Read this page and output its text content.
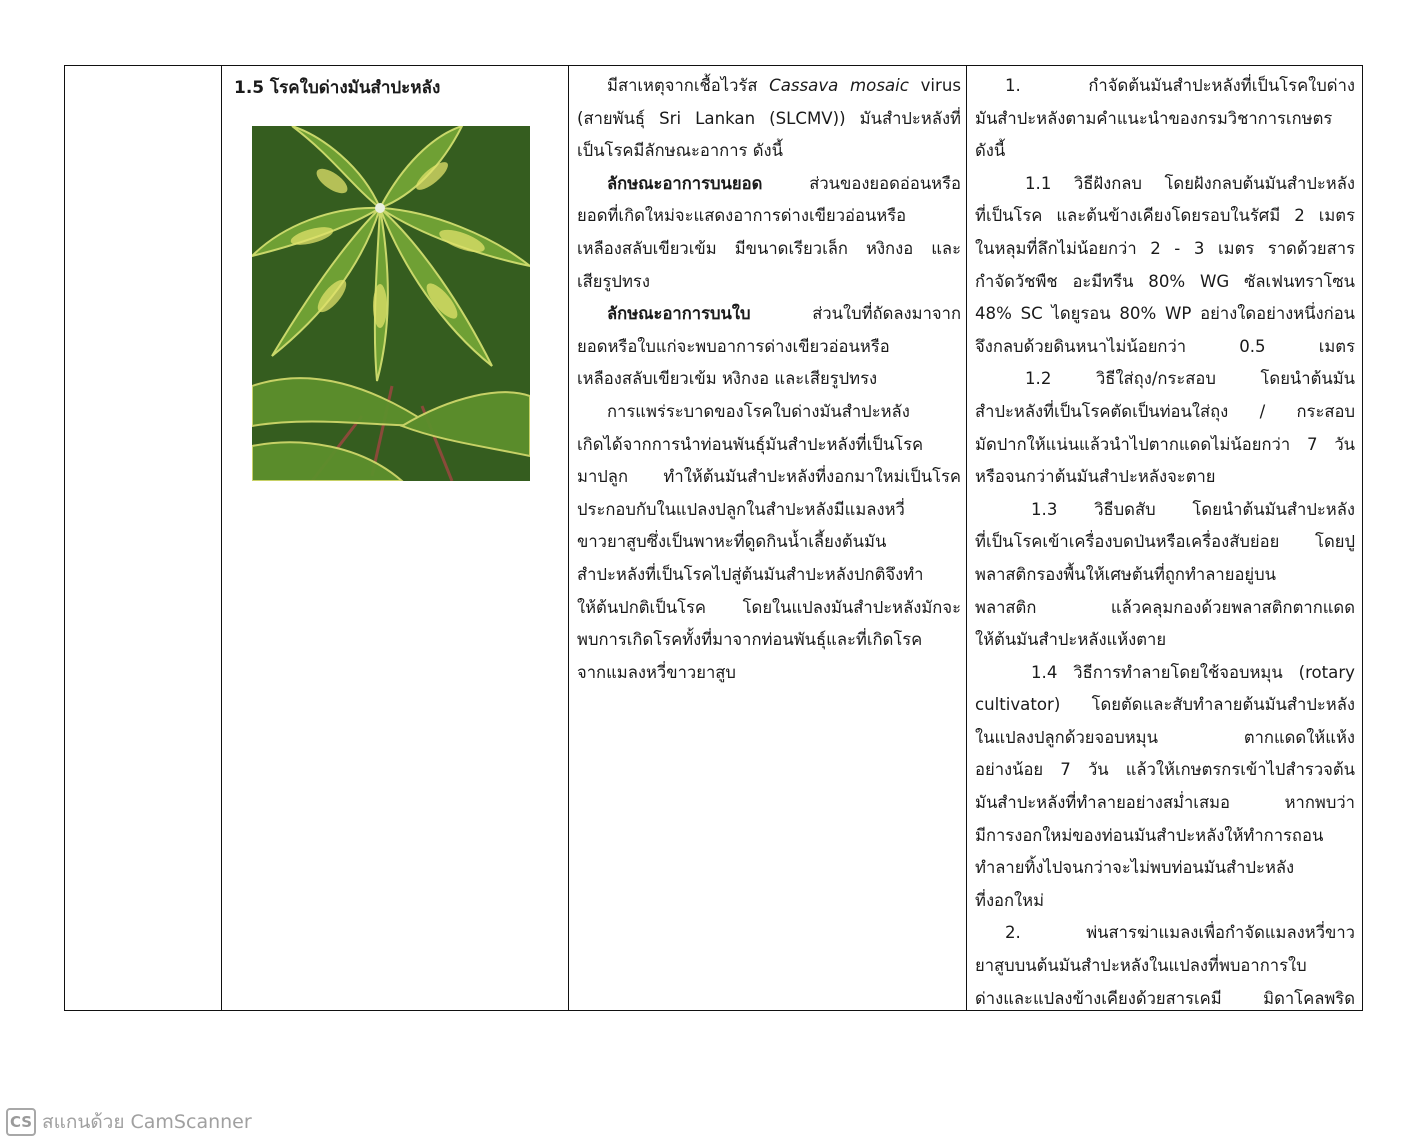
1.5 โรคใบด่างมันสำปะหลัง	มีสาเหตุจากเชื้อไวรัส Cassava mosaic virus
(สายพันธุ์ Sri Lankan (SLCMV)) มันสำปะหลังที่
เป็นโรคมีลักษณะอาการ ดังนี้
ลักษณะอาการบนยอด ส่วนของยอดอ่อนหรือ
ยอดที่เกิดใหม่จะแสดงอาการด่างเขียวอ่อนหรือ
เหลืองสลับเขียวเข้ม มีขนาดเรียวเล็ก หงิกงอ และ
เสียรูปทรง
ลักษณะอาการบนใบ ส่วนใบที่ถัดลงมาจาก
ยอดหรือใบแก่จะพบอาการด่างเขียวอ่อนหรือ
เหลืองสลับเขียวเข้ม หงิกงอ และเสียรูปทรง
การแพร่ระบาดของโรคใบด่างมันสำปะหลัง
เกิดได้จากการนำท่อนพันธุ์มันสำปะหลังที่เป็นโรค
มาปลูก ทำให้ต้นมันสำปะหลังที่งอกมาใหม่เป็นโรค
ประกอบกับในแปลงปลูกในสำปะหลังมีแมลงหวี่
ขาวยาสูบซึ่งเป็นพาหะที่ดูดกินน้ำเลี้ยงต้นมัน
สำปะหลังที่เป็นโรคไปสู่ต้นมันสำปะหลังปกติจึงทำ
ให้ต้นปกติเป็นโรค โดยในแปลงมันสำปะหลังมักจะ
พบการเกิดโรคทั้งที่มาจากท่อนพันธุ์และที่เกิดโรค
จากแมลงหวี่ขาวยาสูบ
1. กำจัดต้นมันสำปะหลังที่เป็นโรคใบด่าง
มันสำปะหลังตามคำแนะนำของกรมวิชาการเกษตร
ดังนี้
1.1 วิธีฝังกลบ โดยฝังกลบต้นมันสำปะหลัง
ที่เป็นโรค และต้นข้างเคียงโดยรอบในรัศมี 2 เมตร
ในหลุมที่ลึกไม่น้อยกว่า 2 - 3 เมตร ราดด้วยสาร
กำจัดวัชพืช อะมีทรีน 80% WG ซัลเฟนทราโซน
48% SC ไดยูรอน 80% WP อย่างใดอย่างหนึ่งก่อน
จึงกลบด้วยดินหนาไม่น้อยกว่า 0.5 เมตร
1.2 วิธีใส่ถุง/กระสอบ โดยนำต้นมัน
สำปะหลังที่เป็นโรคตัดเป็นท่อนใส่ถุง / กระสอบ
มัดปากให้แน่นแล้วนำไปตากแดดไม่น้อยกว่า 7 วัน
หรือจนกว่าต้นมันสำปะหลังจะตาย
1.3 วิธีบดสับ โดยนำต้นมันสำปะหลัง
ที่เป็นโรคเข้าเครื่องบดป่นหรือเครื่องสับย่อย โดยปู
พลาสติกรองพื้นให้เศษต้นที่ถูกทำลายอยู่บน
พลาสติก แล้วคลุมกองด้วยพลาสติกตากแดด
ให้ต้นมันสำปะหลังแห้งตาย
1.4 วิธีการทำลายโดยใช้จอบหมุน (rotary
cultivator) โดยตัดและสับทำลายต้นมันสำปะหลัง
ในแปลงปลูกด้วยจอบหมุน ตากแดดให้แห้ง
อย่างน้อย 7 วัน แล้วให้เกษตรกรเข้าไปสำรวจต้น
มันสำปะหลังที่ทำลายอย่างสม่ำเสมอ หากพบว่า
มีการงอกใหม่ของท่อนมันสำปะหลังให้ทำการถอน
ทำลายทิ้งไปจนกว่าจะไม่พบท่อนมันสำปะหลัง
ที่งอกใหม่
2. พ่นสารฆ่าแมลงเพื่อกำจัดแมลงหวี่ขาว
ยาสูบบนต้นมันสำปะหลังในแปลงที่พบอาการใบ
ด่างและแปลงข้างเคียงด้วยสารเคมี มิดาโคลพริด
CS สแกนด้วย CamScanner
